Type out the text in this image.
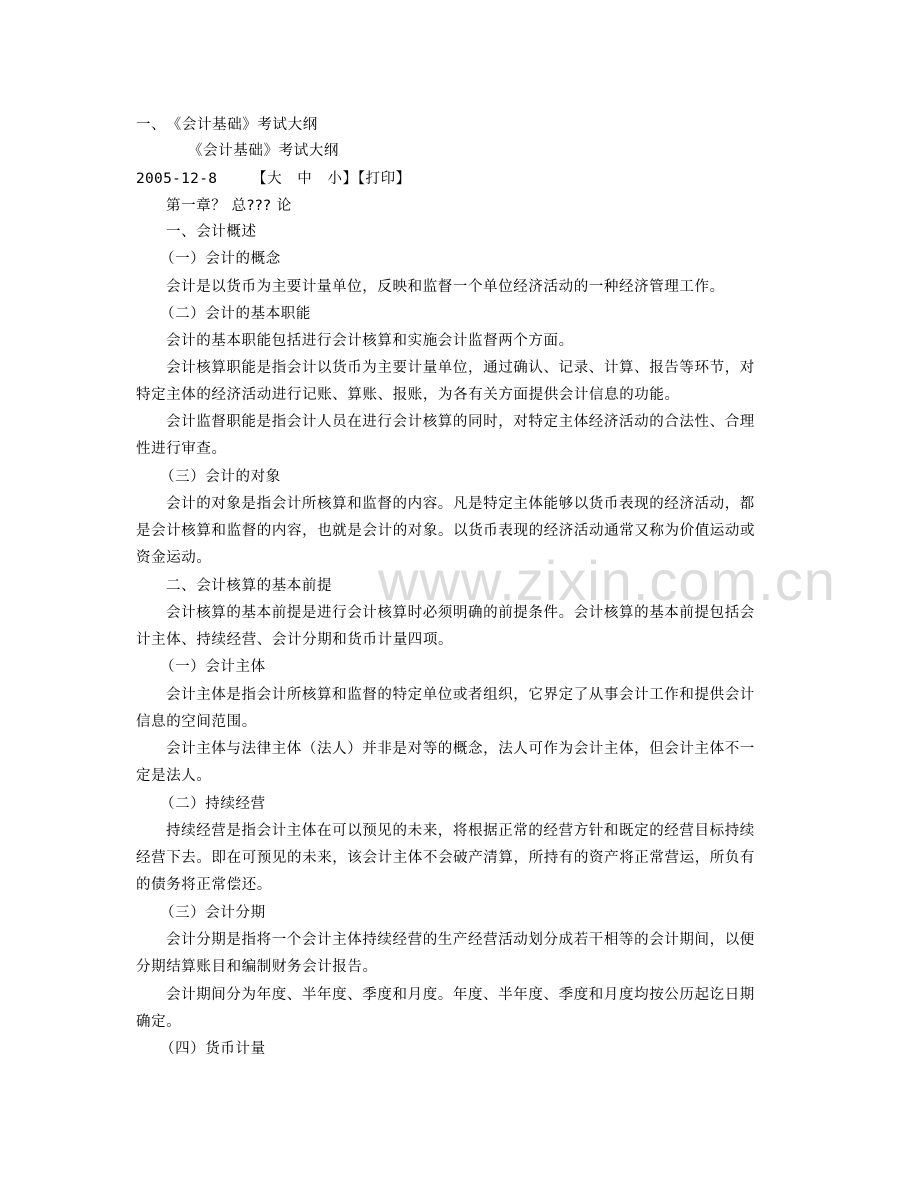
www.zixin.com.cn
一、　《会计基础》考试大纲
《会计基础》考试大纲
2005-12-8 【大　中　小】【打印】
第一章？ 总??? 论
一、会计概述
（一）会计的概念
会计是以货币为主要计量单位，反映和监督一个单位经济活动的一种经济管理工作。
（二）会计的基本职能
会计的基本职能包括进行会计核算和实施会计监督两个方面。
会计核算职能是指会计以货币为主要计量单位，通过确认、记录、计算、报告等环节，对
特定主体的经济活动进行记账、算账、报账，为各有关方面提供会计信息的功能。
会计监督职能是指会计人员在进行会计核算的同时，对特定主体经济活动的合法性、合理
性进行审查。
（三）会计的对象
会计的对象是指会计所核算和监督的内容。凡是特定主体能够以货币表现的经济活动，都
是会计核算和监督的内容，也就是会计的对象。以货币表现的经济活动通常又称为价值运动或
资金运动。
二、会计核算的基本前提
会计核算的基本前提是进行会计核算时必须明确的前提条件。会计核算的基本前提包括会
计主体、持续经营、会计分期和货币计量四项。
（一）会计主体
会计主体是指会计所核算和监督的特定单位或者组织，它界定了从事会计工作和提供会计
信息的空间范围。
会计主体与法律主体（法人）并非是对等的概念，法人可作为会计主体，但会计主体不一
定是法人。
（二）持续经营
持续经营是指会计主体在可以预见的未来，将根据正常的经营方针和既定的经营目标持续
经营下去。即在可预见的未来，该会计主体不会破产清算，所持有的资产将正常营运，所负有
的债务将正常偿还。
（三）会计分期
会计分期是指将一个会计主体持续经营的生产经营活动划分成若干相等的会计期间，以便
分期结算账目和编制财务会计报告。
会计期间分为年度、半年度、季度和月度。年度、半年度、季度和月度均按公历起讫日期
确定。
（四）货币计量
